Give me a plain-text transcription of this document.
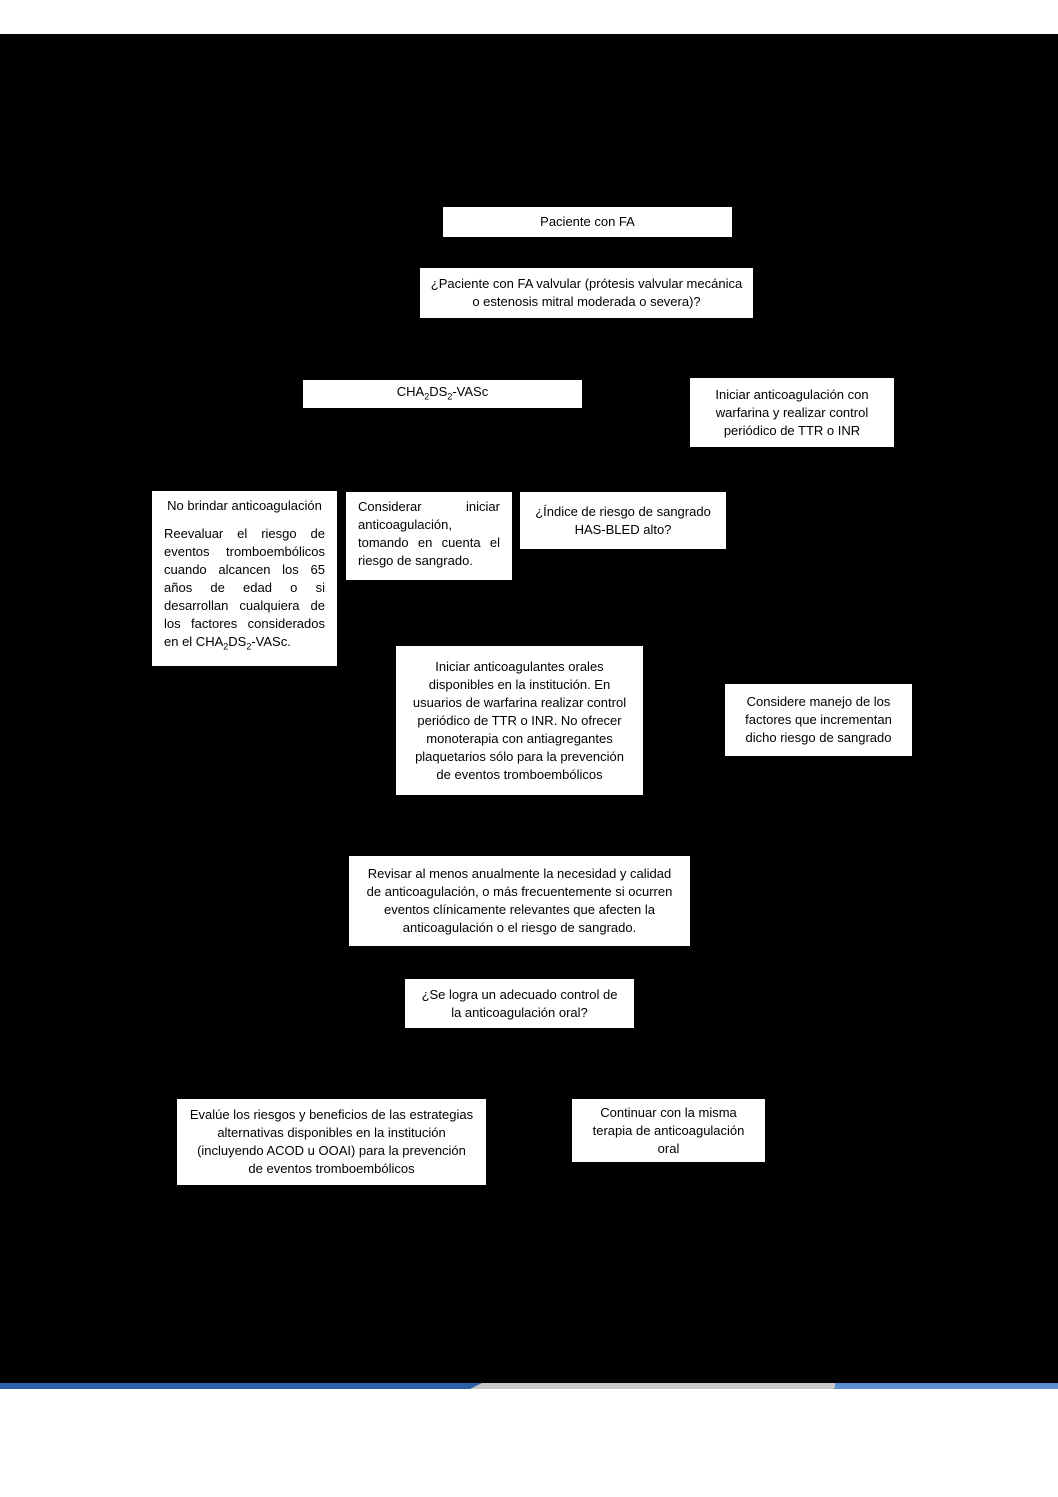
Paciente con FA
¿Paciente con FA valvular (prótesis valvular mecánica o estenosis mitral moderada o severa)?
$CHA_2DS_2$-VASc	Iniciar anticoagulación con warfarina y realizar control periódico de TTR o INR
No brindar anticoagulación
Reevaluar el riesgo de eventos tromboembólicos cuando alcancen los 65 años de edad o si desarrollan cualquiera de los factores considerados en el $CHA_2DS_2$-VASc.
Considerar iniciar anticoagulación, tomando en cuenta el riesgo de sangrado.
¿Índice de riesgo de sangrado HAS-BLED alto?
Iniciar anticoagulantes orales disponibles en la institución. En usuarios de warfarina realizar control periódico de TTR o INR. No ofrecer monoterapia con antiagregantes plaquetarios sólo para la prevención de eventos tromboembólicos
Considere manejo de los factores que incrementan dicho riesgo de sangrado
Revisar al menos anualmente la necesidad y calidad de anticoagulación, o más frecuentemente si ocurren eventos clínicamente relevantes que afecten la anticoagulación o el riesgo de sangrado.
¿Se logra un adecuado control de la anticoagulación oral?
Evalúe los riesgos y beneficios de las estrategias alternativas disponibles en la institución (incluyendo ACOD u OOAI) para la prevención de eventos tromboembólicos
Continuar con la misma terapia de anticoagulación oral
